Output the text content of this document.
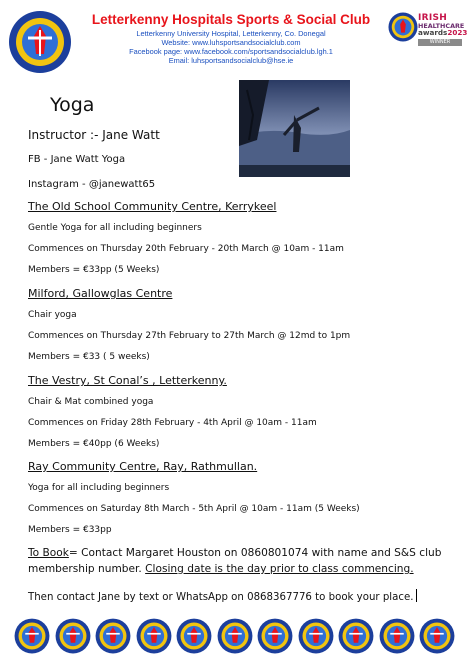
Letterkenny Hospitals Sports & Social Club
Letterkenny University Hospital, Letterkenny, Co. Donegal
Website: www.luhsportsandsocialclub.com
Facebook page: www.facebook.com/sportsandsocialclub.lgh.1
Email: luhsportsandsocialclub@hse.ie
IRISH
HEALTHCARE
awards2023
WINNER
Yoga
Instructor :- Jane Watt
FB - Jane Watt Yoga
Instagram - @janewatt65
The Old School Community Centre, Kerrykeel
Gentle Yoga for all including beginners
Commences on Thursday 20th February - 20th March @ 10am - 11am
Members = €33pp (5 Weeks)
Milford, Gallowglas Centre
Chair yoga
Commences on Thursday 27th February to 27th March @ 12md to 1pm
Members = €33 ( 5 weeks)
The Vestry, St Conal’s , Letterkenny.
Chair & Mat combined yoga
Commences on Friday 28th February - 4th April @ 10am - 11am
Members = €40pp (6 Weeks)
Ray Community Centre, Ray, Rathmullan.
Yoga for all including beginners
Commences on Saturday 8th March - 5th April @ 10am - 11am (5 Weeks)
Members = €33pp
To Book= Contact Margaret Houston on 0860801074 with name and S&S club
membership number. Closing date is the day prior to class commencing.
Then contact Jane by text or WhatsApp on 0868367776 to book your place.
